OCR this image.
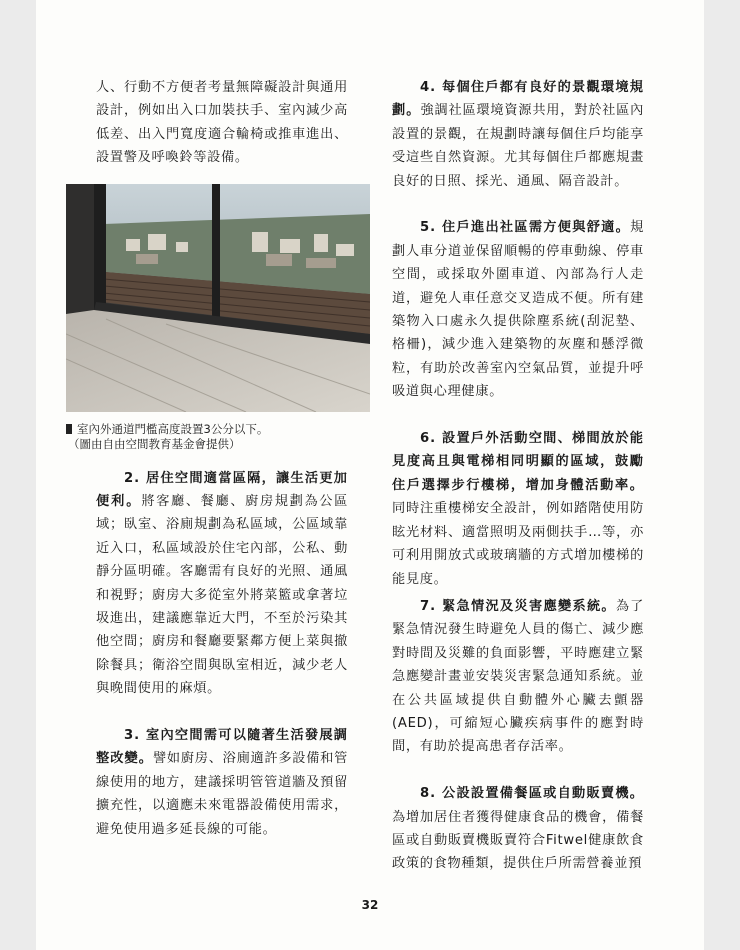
人、行動不方便者考量無障礙設計與通用設計，例如出入口加裝扶手、室內減少高低差、出入門寬度適合輪椅或推車進出、設置警及呼喚鈴等設備。

室內外通道門檻高度設置3公分以下。
（圖由自由空間教育基金會提供）

2. 居住空間適當區隔，讓生活更加便利。將客廳、餐廳、廚房規劃為公區域；臥室、浴廁規劃為私區域，公區域靠近入口，私區域設於住宅內部，公私、動靜分區明確。客廳需有良好的光照、通風和視野；廚房大多從室外將菜籃或拿著垃圾進出，建議應靠近大門，不至於污染其他空間；廚房和餐廳要緊鄰方便上菜與撤除餐具；衛浴空間與臥室相近，減少老人與晚間使用的麻煩。

3. 室內空間需可以隨著生活發展調整改變。譬如廚房、浴廁適許多設備和管線使用的地方，建議採明管管道牆及預留擴充性，以適應未來電器設備使用需求，避免使用過多延長線的可能。

4. 每個住戶都有良好的景觀環境規劃。強調社區環境資源共用，對於社區內設置的景觀，在規劃時讓每個住戶均能享受這些自然資源。尤其每個住戶都應規畫良好的日照、採光、通風、隔音設計。

5. 住戶進出社區需方便與舒適。規劃人車分道並保留順暢的停車動線、停車空間，或採取外圍車道、內部為行人走道，避免人車任意交叉造成不便。所有建築物入口處永久提供除塵系統(刮泥墊、格柵)，減少進入建築物的灰塵和懸浮微粒，有助於改善室內空氣品質，並提升呼吸道與心理健康。

6. 設置戶外活動空間、梯間放於能見度高且與電梯相同明顯的區域，鼓勵住戶選擇步行樓梯，增加身體活動率。同時注重樓梯安全設計，例如踏階使用防眩光材料、適當照明及兩側扶手…等，亦可利用開放式或玻璃牆的方式增加樓梯的能見度。

7. 緊急情況及災害應變系統。為了緊急情況發生時避免人員的傷亡、減少應對時間及災難的負面影響，平時應建立緊急應變計畫並安裝災害緊急通知系統。並在公共區域提供自動體外心臟去顫器(AED)，可縮短心臟疾病事件的應對時間，有助於提高患者存活率。

8. 公設設置備餐區或自動販賣機。為增加居住者獲得健康食品的機會，備餐區或自動販賣機販賣符合Fitwel健康飲食政策的食物種類，提供住戶所需營養並預

32
